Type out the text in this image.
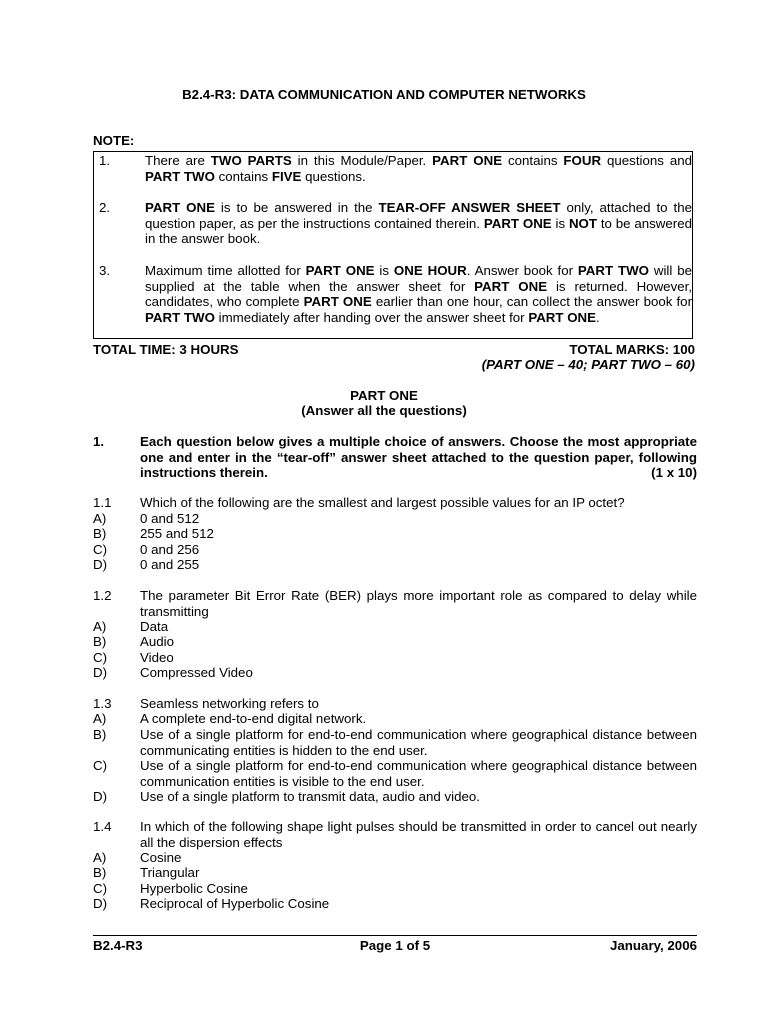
B2.4-R3: DATA COMMUNICATION AND COMPUTER NETWORKS
NOTE:
1.	There are TWO PARTS in this Module/Paper. PART ONE contains FOUR questions and PART TWO contains FIVE questions.
2.	PART ONE is to be answered in the TEAR-OFF ANSWER SHEET only, attached to the question paper, as per the instructions contained therein. PART ONE is NOT to be answered in the answer book.
3.	Maximum time allotted for PART ONE is ONE HOUR. Answer book for PART TWO will be supplied at the table when the answer sheet for PART ONE is returned. However, candidates, who complete PART ONE earlier than one hour, can collect the answer book for PART TWO immediately after handing over the answer sheet for PART ONE.
TOTAL TIME: 3 HOURS	TOTAL MARKS: 100
(PART ONE – 40; PART TWO – 60)
PART ONE
(Answer all the questions)
1.	Each question below gives a multiple choice of answers. Choose the most appropriate one and enter in the “tear-off” answer sheet attached to the question paper, following instructions therein.	(1 x 10)
1.1 Which of the following are the smallest and largest possible values for an IP octet?
A)	0 and 512
B)	255 and 512
C) 0 and 256
D) 0 and 255
1.2 The parameter Bit Error Rate (BER) plays more important role as compared to delay while transmitting
A)	Data
B)	Audio
C) Video
D) Compressed Video
1.3 Seamless networking refers to
A)	A complete end-to-end digital network.
B)	Use of a single platform for end-to-end communication where geographical distance between communicating entities is hidden to the end user.
C) Use of a single platform for end-to-end communication where geographical distance between communication entities is visible to the end user.
D) Use of a single platform to transmit data, audio and video.
1.4 In which of the following shape light pulses should be transmitted in order to cancel out nearly all the dispersion effects
A)	Cosine
B)	Triangular
C) Hyperbolic Cosine
D) Reciprocal of Hyperbolic Cosine
B2.4-R3	Page 1 of 5	January, 2006
